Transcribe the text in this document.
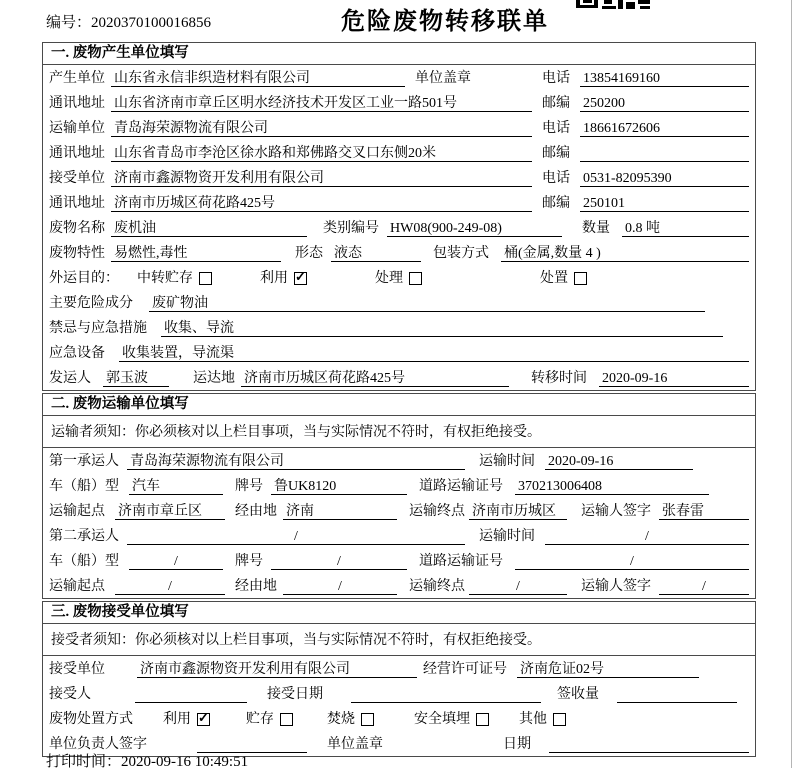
编号：2020370100016856	危险废物转移联单
一. 废物产生单位填写
产生单位 山东省永信非织造材料有限公司	单位盖章	电话 13854169160
通讯地址 山东省济南市章丘区明水经济技术开发区工业一路501号	邮编 250200
运输单位 青岛海荣源物流有限公司	电话 18661672606
通讯地址 山东省青岛市李沧区徐水路和郑佛路交叉口东侧20米	邮编
接受单位 济南市鑫源物资开发利用有限公司	电话 0531-82095390
通讯地址 济南市历城区荷花路425号	邮编 250101
废物名称 废机油	类别编号 HW08(900-249-08)	数量	0.8 吨
废物特性 易燃性,毒性	形态 液态	包装方式	桶(金属,数量 4 )
外运目的：	中转贮存	利用 ✓	处理	处置
主要危险成分	废矿物油
禁忌与应急措施	收集、导流
应急设备	收集装置，导流渠
发运人	郭玉波	运达地 济南市历城区荷花路425号	转移时间	2020-09-16
二. 废物运输单位填写
运输者须知：你必须核对以上栏目事项，当与实际情况不符时，有权拒绝接受。
第一承运人 青岛海荣源物流有限公司	运输时间 2020-09-16
车（船）型 汽车	牌号 鲁UK8120	道路运输证号	370213006408
运输起点 济南市章丘区	经由地 济南	运输终点 济南市历城区	运输人签字 张春雷
第二承运人	/	运输时间	/
车（船）型	/	牌号	/	道路运输证号	/
运输起点	/	经由地	/	运输终点	/	运输人签字	/
三. 废物接受单位填写
接受者须知：你必须核对以上栏目事项，当与实际情况不符时，有权拒绝接受。
接受单位	济南市鑫源物资开发利用有限公司	经营许可证号 济南危证02号
接受人	接受日期	签收量
废物处置方式	利用 ✓	贮存	焚烧	安全填埋	其他
单位负责人签字	单位盖章	日期
打印时间：2020-09-16 10:49:51
